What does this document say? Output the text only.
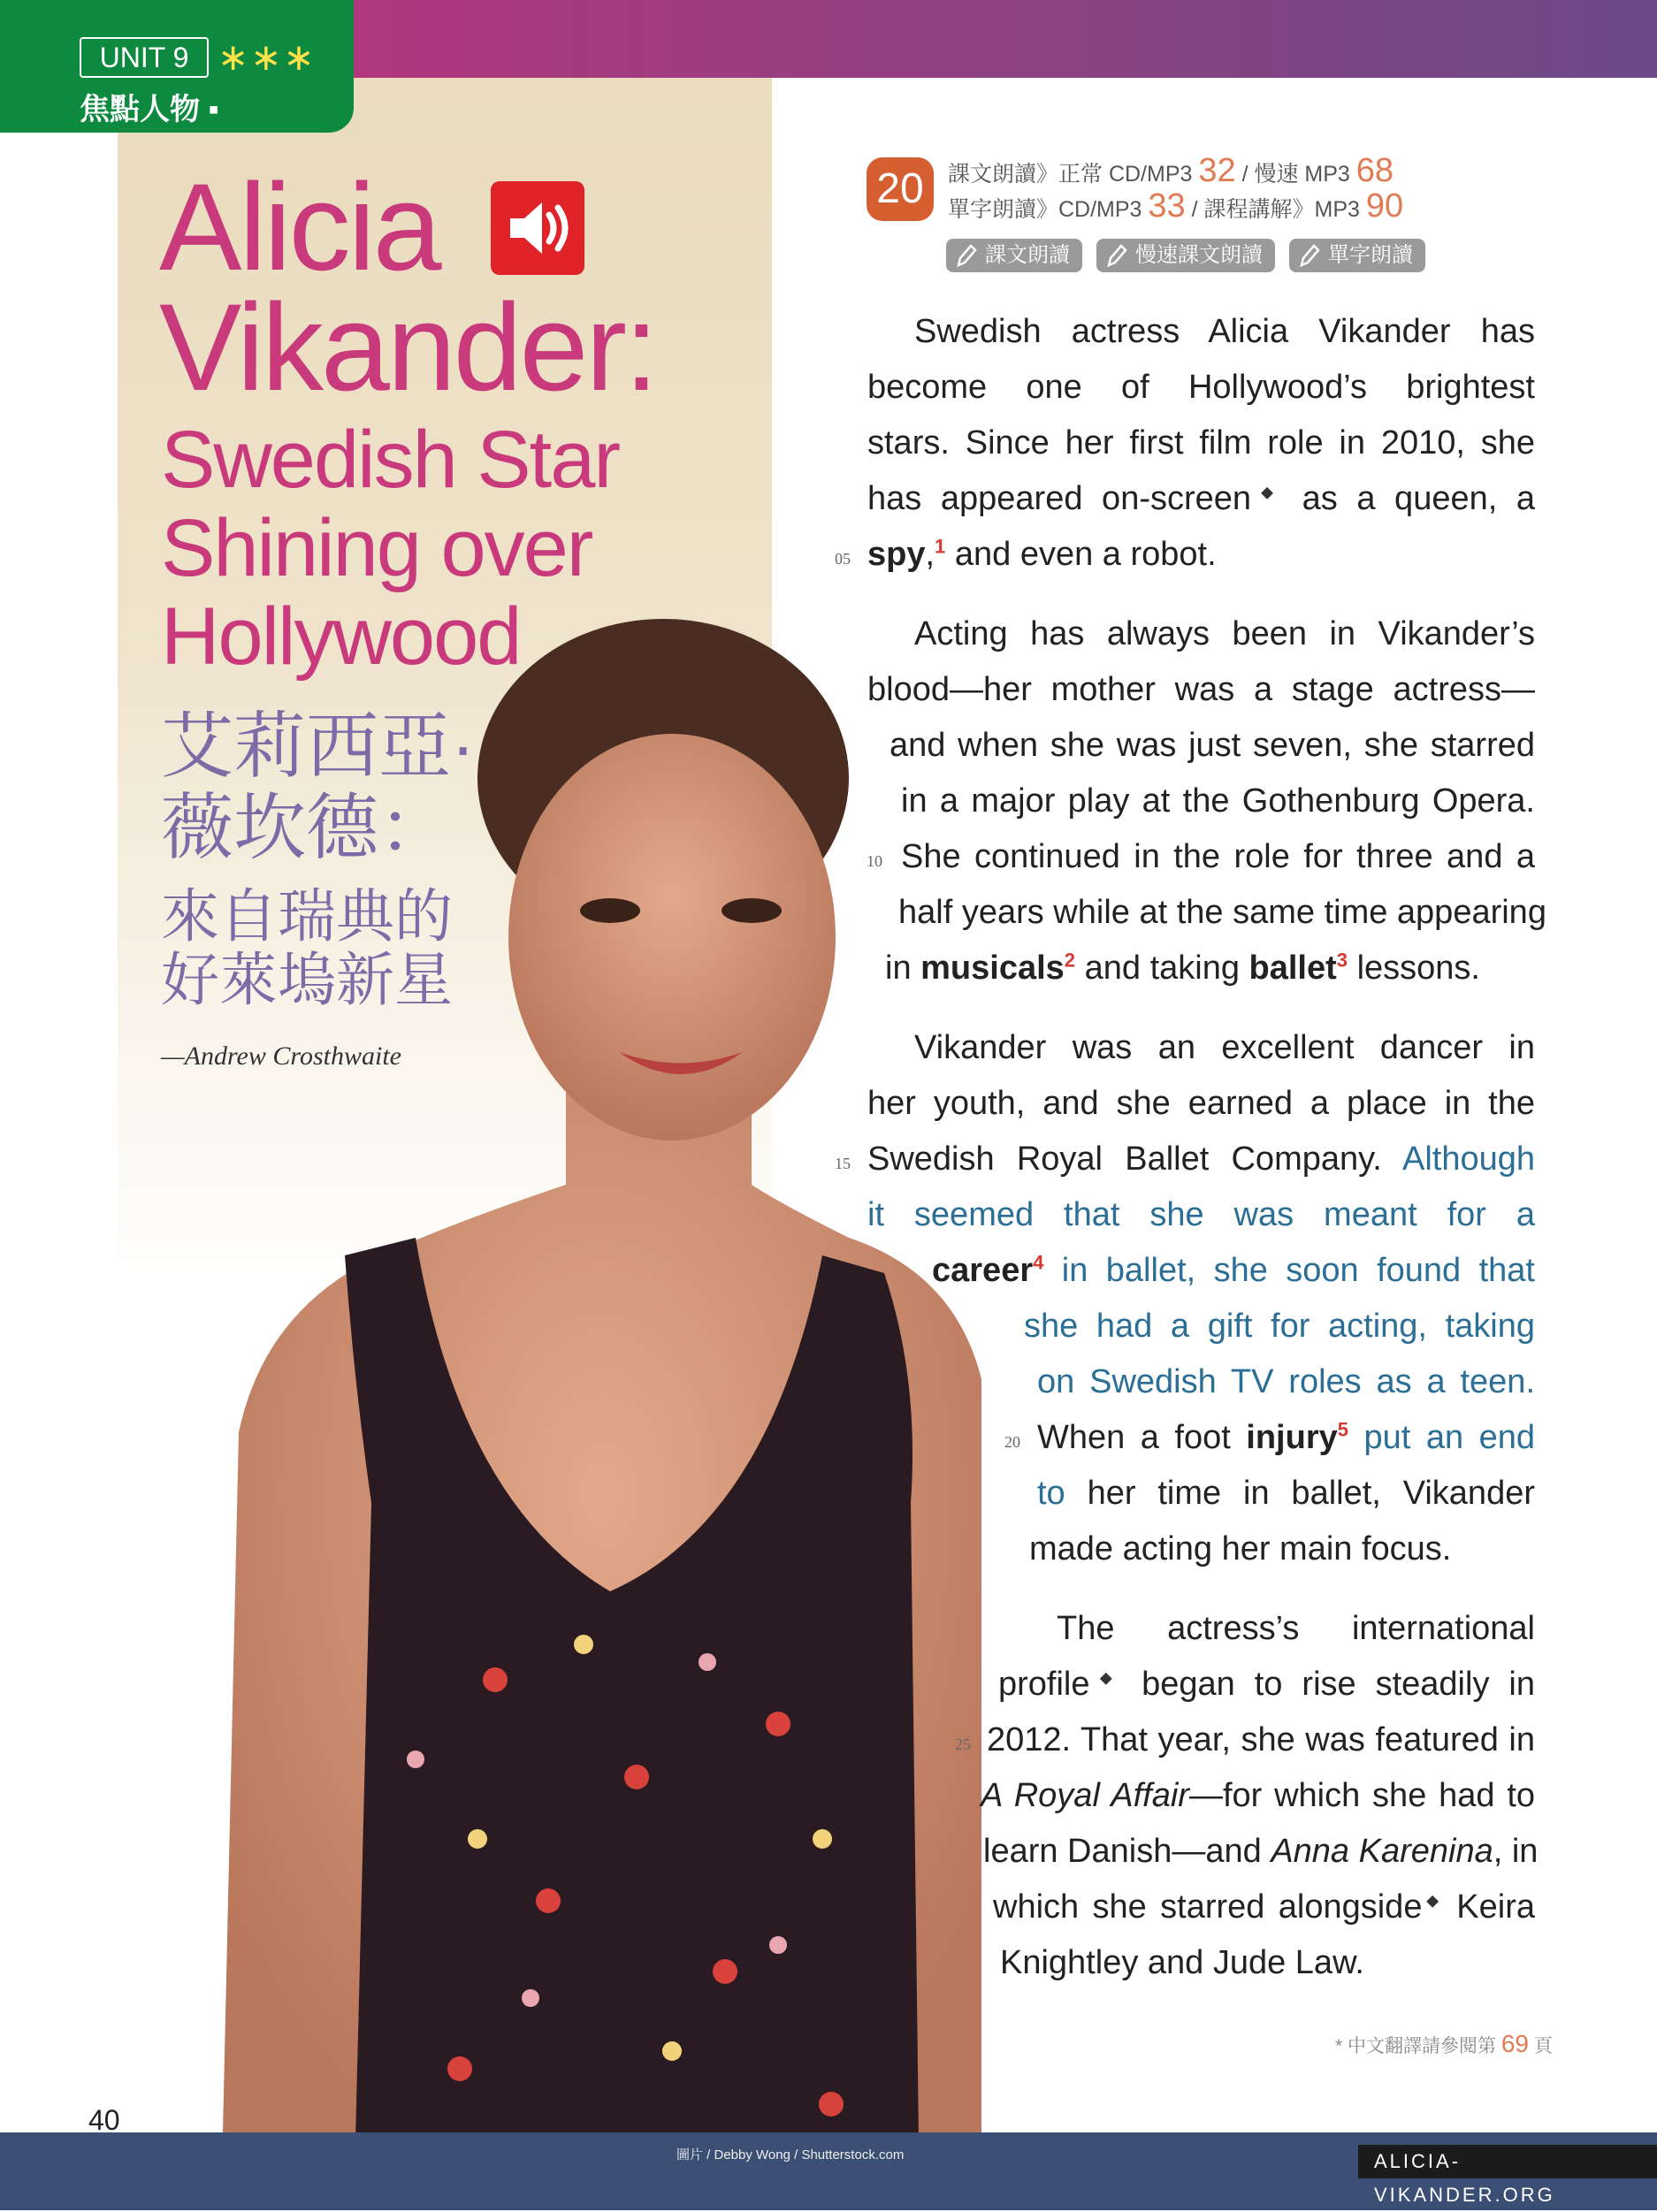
UNIT 9 ∗∗∗
焦點人物 ▪
Alicia
Vikander:
Swedish Star
Shining over
Hollywood
艾莉西亞·
薇坎德：
來自瑞典的
好萊塢新星
—Andrew Crosthwaite
20	課文朗讀》正常 CD/MP3 32 / 慢速 MP3 68
單字朗讀》CD/MP3 33 / 課程講解》MP3 90
課文朗讀	慢速課文朗讀	單字朗讀
Swedish actress Alicia Vikander has
become one of Hollywood’s brightest
stars. Since her first film role in 2010, she
has appeared on-screen◆ as a queen, a
05 spy,$^1$ and even a robot.
Acting has always been in Vikander’s
blood—her mother was a stage actress—
and when she was just seven, she starred
in a major play at the Gothenburg Opera.
10 She continued in the role for three and a
half years while at the same time appearing
in musicals$^2$ and taking ballet$^3$ lessons.
Vikander was an excellent dancer in
her youth, and she earned a place in the
15 Swedish Royal Ballet Company. Although
it seemed that she was meant for a
career$^4$ in ballet, she soon found that
she had a gift for acting, taking
on Swedish TV roles as a teen.
20 When a foot injury$^5$ put an end
to her time in ballet, Vikander
made acting her main focus.
The actress’s international
profile◆ began to rise steadily in
25 2012. That year, she was featured in
A Royal Affair—for which she had to
learn Danish—and Anna Karenina, in
which she starred alongside◆ Keira
Knightley and Jude Law.
* 中文翻譯請參閱第 69 頁
40
圖片 / Debby Wong / Shutterstock.com	ALICIA-VIKANDER.ORG
